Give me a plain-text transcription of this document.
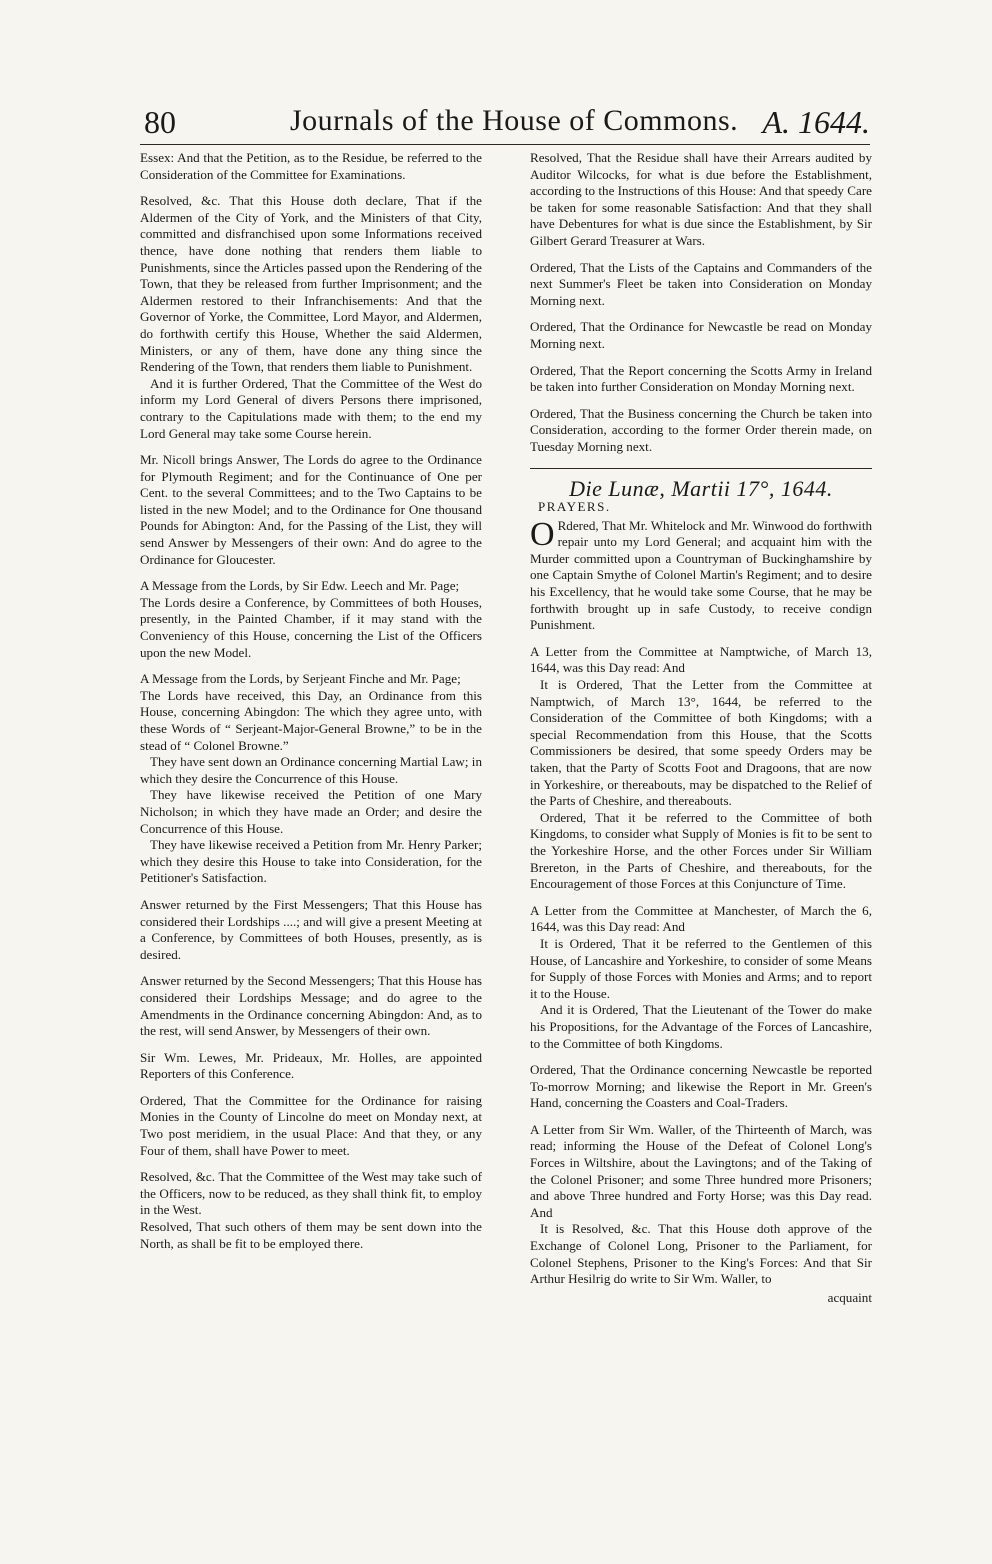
80	Journals of the House of Commons. A. 1644.

Essex: And that the Petition, as to the Residue, be referred to the Consideration of the Committee for Examinations.

Resolved, &c. That this House doth declare, That if the Aldermen of the City of York, and the Ministers of that City, committed and disfranchised upon some Informations received thence, have done nothing that renders them liable to Punishments, since the Articles passed upon the Rendering of the Town, that they be released from further Imprisonment; and the Aldermen restored to their Infranchisements: And that the Governor of Yorke, the Committee, Lord Mayor, and Aldermen, do forthwith certify this House, Whether the said Aldermen, Ministers, or any of them, have done any thing since the Rendering of the Town, that renders them liable to Punishment.

And it is further Ordered, That the Committee of the West do inform my Lord General of divers Persons there imprisoned, contrary to the Capitulations made with them; to the end my Lord General may take some Course herein.

Mr. Nicoll brings Answer, The Lords do agree to the Ordinance for Plymouth Regiment; and for the Continuance of One per Cent. to the several Committees; and to the Two Captains to be listed in the new Model; and to the Ordinance for One thousand Pounds for Abington: And, for the Passing of the List, they will send Answer by Messengers of their own: And do agree to the Ordinance for Gloucester.

A Message from the Lords, by Sir Edw. Leech and Mr. Page;

The Lords desire a Conference, by Committees of both Houses, presently, in the Painted Chamber, if it may stand with the Conveniency of this House, concerning the List of the Officers upon the new Model.

A Message from the Lords, by Serjeant Finche and Mr. Page;

The Lords have received, this Day, an Ordinance from this House, concerning Abingdon: The which they agree unto, with these Words of “ Serjeant-Major-General Browne,” to be in the stead of “ Colonel Browne.”

They have sent down an Ordinance concerning Martial Law; in which they desire the Concurrence of this House.

They have likewise received the Petition of one Mary Nicholson; in which they have made an Order; and desire the Concurrence of this House.

They have likewise received a Petition from Mr. Henry Parker; which they desire this House to take into Consideration, for the Petitioner's Satisfaction.

Answer returned by the First Messengers; That this House has considered their Lordships ....; and will give a present Meeting at a Conference, by Committees of both Houses, presently, as is desired.

Answer returned by the Second Messengers; That this House has considered their Lordships Message; and do agree to the Amendments in the Ordinance concerning Abingdon: And, as to the rest, will send Answer, by Messengers of their own.

Sir Wm. Lewes, Mr. Prideaux, Mr. Holles, are appointed Reporters of this Conference.

Ordered, That the Committee for the Ordinance for raising Monies in the County of Lincolne do meet on Monday next, at Two post meridiem, in the usual Place: And that they, or any Four of them, shall have Power to meet.

Resolved, &c. That the Committee of the West may take such of the Officers, now to be reduced, as they shall think fit, to employ in the West.

Resolved, That such others of them may be sent down into the North, as shall be fit to be employed there.

Resolved, That the Residue shall have their Arrears audited by Auditor Wilcocks, for what is due before the Establishment, according to the Instructions of this House: And that speedy Care be taken for some reasonable Satisfaction: And that they shall have Debentures for what is due since the Establishment, by Sir Gilbert Gerard Treasurer at Wars.

Ordered, That the Lists of the Captains and Commanders of the next Summer's Fleet be taken into Consideration on Monday Morning next.

Ordered, That the Ordinance for Newcastle be read on Monday Morning next.

Ordered, That the Report concerning the Scotts Army in Ireland be taken into further Consideration on Monday Morning next.

Ordered, That the Business concerning the Church be taken into Consideration, according to the former Order therein made, on Tuesday Morning next.

Die Lunæ, Martii 17°, 1644.
PRAYERS.

O Rdered, That Mr. Whitelock and Mr. Winwood do forthwith repair unto my Lord General; and acquaint him with the Murder committed upon a Countryman of Buckinghamshire by one Captain Smythe of Colonel Martin's Regiment; and to desire his Excellency, that he would take some Course, that he may be forthwith brought up in safe Custody, to receive condign Punishment.

A Letter from the Committee at Namptwiche, of March 13, 1644, was this Day read: And

It is Ordered, That the Letter from the Committee at Namptwich, of March 13°, 1644, be referred to the Consideration of the Committee of both Kingdoms; with a special Recommendation from this House, that the Scotts Commissioners be desired, that some speedy Orders may be taken, that the Party of Scotts Foot and Dragoons, that are now in Yorkeshire, or thereabouts, may be dispatched to the Relief of the Parts of Cheshire, and thereabouts.

Ordered, That it be referred to the Committee of both Kingdoms, to consider what Supply of Monies is fit to be sent to the Yorkeshire Horse, and the other Forces under Sir William Brereton, in the Parts of Cheshire, and thereabouts, for the Encouragement of those Forces at this Conjuncture of Time.

A Letter from the Committee at Manchester, of March the 6, 1644, was this Day read: And

It is Ordered, That it be referred to the Gentlemen of this House, of Lancashire and Yorkeshire, to consider of some Means for Supply of those Forces with Monies and Arms; and to report it to the House.

And it is Ordered, That the Lieutenant of the Tower do make his Propositions, for the Advantage of the Forces of Lancashire, to the Committee of both Kingdoms.

Ordered, That the Ordinance concerning Newcastle be reported To-morrow Morning; and likewise the Report in Mr. Green's Hand, concerning the Coasters and Coal-Traders.

A Letter from Sir Wm. Waller, of the Thirteenth of March, was read; informing the House of the Defeat of Colonel Long's Forces in Wiltshire, about the Lavingtons; and of the Taking of the Colonel Prisoner; and some Three hundred more Prisoners; and above Three hundred and Forty Horse; was this Day read. And

It is Resolved, &c. That this House doth approve of the Exchange of Colonel Long, Prisoner to the Parliament, for Colonel Stephens, Prisoner to the King's Forces: And that Sir Arthur Hesilrig do write to Sir Wm. Waller, to

acquaint
